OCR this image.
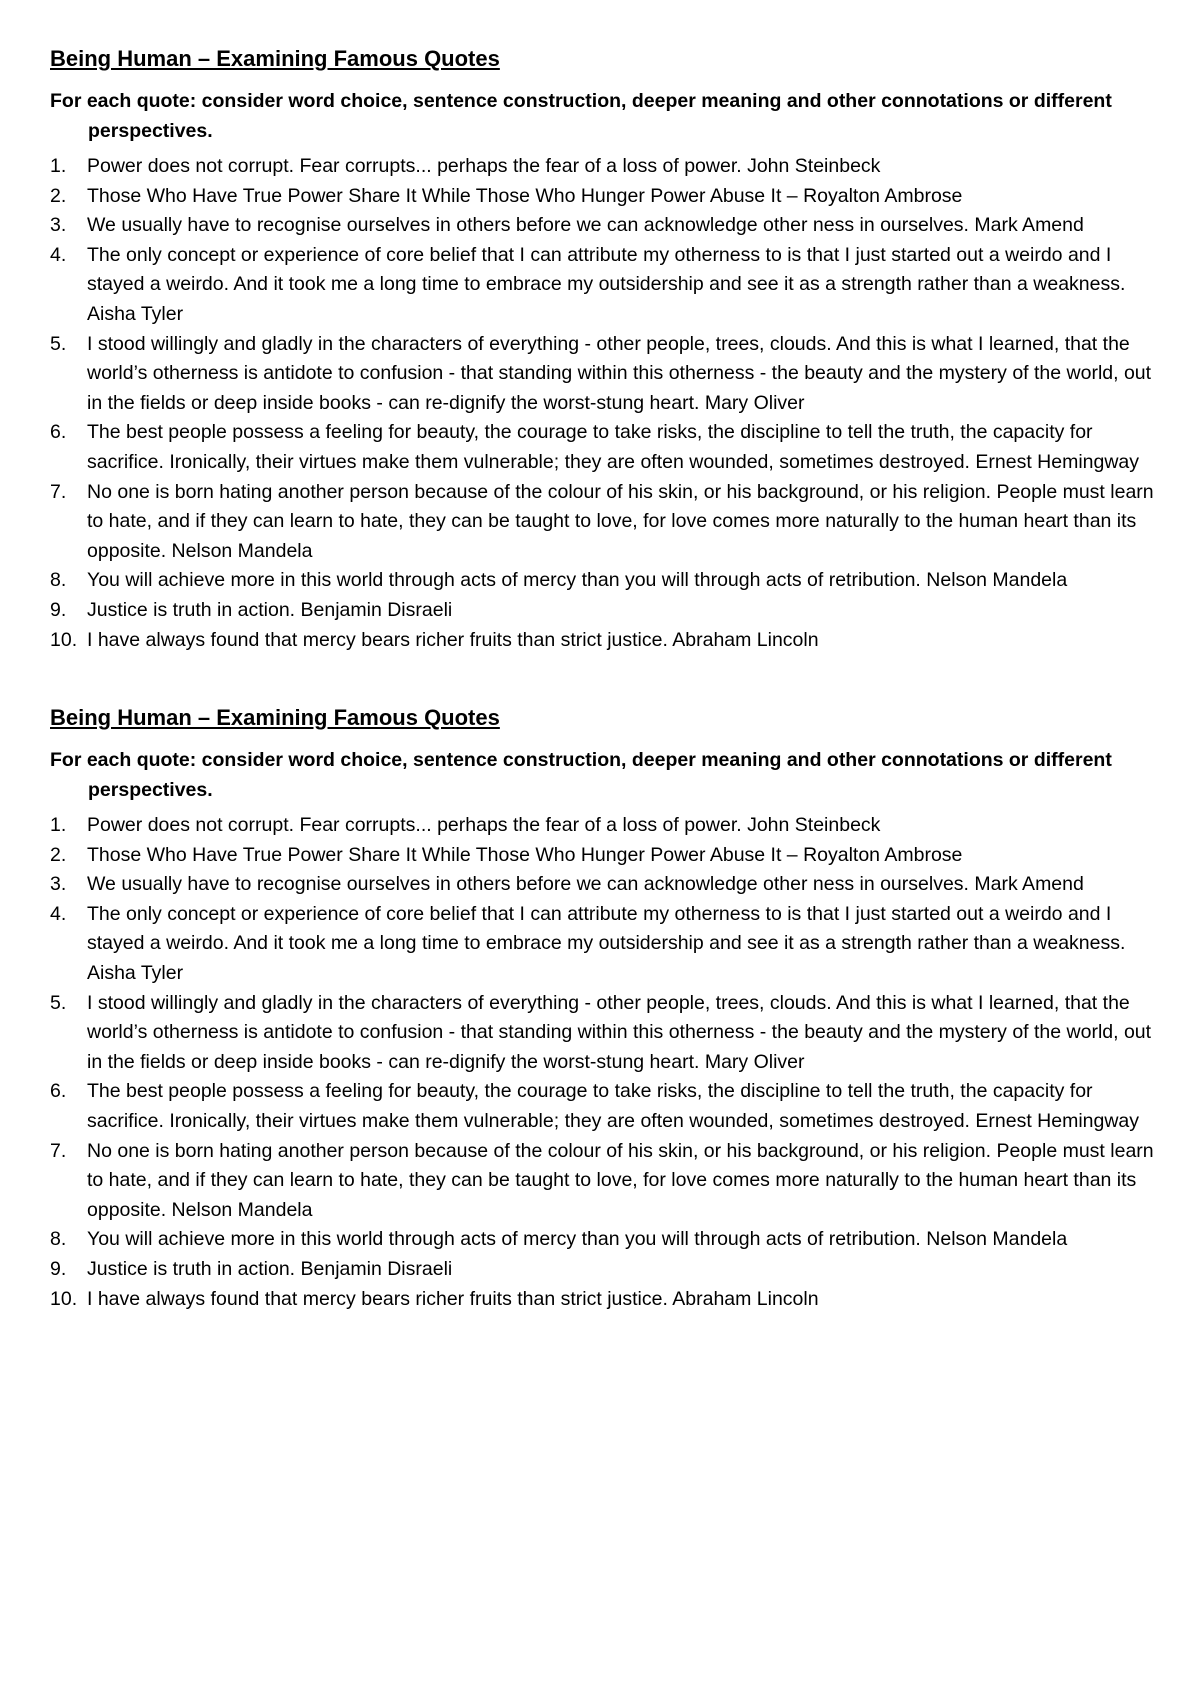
Being Human – Examining Famous Quotes
For each quote: consider word choice, sentence construction, deeper meaning and other connotations or different perspectives.
1.	Power does not corrupt. Fear corrupts... perhaps the fear of a loss of power. John Steinbeck
2.	Those Who Have True Power Share It While Those Who Hunger Power Abuse It – Royalton Ambrose
3.	We usually have to recognise ourselves in others before we can acknowledge other ness in ourselves. Mark Amend
4.	The only concept or experience of core belief that I can attribute my otherness to is that I just started out a weirdo and I stayed a weirdo. And it took me a long time to embrace my outsidership and see it as a strength rather than a weakness. Aisha Tyler
5.	I stood willingly and gladly in the characters of everything - other people, trees, clouds. And this is what I learned, that the world’s otherness is antidote to confusion - that standing within this otherness - the beauty and the mystery of the world, out in the fields or deep inside books - can re-dignify the worst-stung heart. Mary Oliver
6.	The best people possess a feeling for beauty, the courage to take risks, the discipline to tell the truth, the capacity for sacrifice. Ironically, their virtues make them vulnerable; they are often wounded, sometimes destroyed. Ernest Hemingway
7.	No one is born hating another person because of the colour of his skin, or his background, or his religion. People must learn to hate, and if they can learn to hate, they can be taught to love, for love comes more naturally to the human heart than its opposite. Nelson Mandela
8.	You will achieve more in this world through acts of mercy than you will through acts of retribution. Nelson Mandela
9.	Justice is truth in action. Benjamin Disraeli
10. I have always found that mercy bears richer fruits than strict justice. Abraham Lincoln
Being Human – Examining Famous Quotes
For each quote: consider word choice, sentence construction, deeper meaning and other connotations or different perspectives.
1.	Power does not corrupt. Fear corrupts... perhaps the fear of a loss of power. John Steinbeck
2.	Those Who Have True Power Share It While Those Who Hunger Power Abuse It – Royalton Ambrose
3.	We usually have to recognise ourselves in others before we can acknowledge other ness in ourselves. Mark Amend
4.	The only concept or experience of core belief that I can attribute my otherness to is that I just started out a weirdo and I stayed a weirdo. And it took me a long time to embrace my outsidership and see it as a strength rather than a weakness. Aisha Tyler
5.	I stood willingly and gladly in the characters of everything - other people, trees, clouds. And this is what I learned, that the world’s otherness is antidote to confusion - that standing within this otherness - the beauty and the mystery of the world, out in the fields or deep inside books - can re-dignify the worst-stung heart. Mary Oliver
6.	The best people possess a feeling for beauty, the courage to take risks, the discipline to tell the truth, the capacity for sacrifice. Ironically, their virtues make them vulnerable; they are often wounded, sometimes destroyed. Ernest Hemingway
7.	No one is born hating another person because of the colour of his skin, or his background, or his religion. People must learn to hate, and if they can learn to hate, they can be taught to love, for love comes more naturally to the human heart than its opposite. Nelson Mandela
8.	You will achieve more in this world through acts of mercy than you will through acts of retribution. Nelson Mandela
9.	Justice is truth in action. Benjamin Disraeli
10. I have always found that mercy bears richer fruits than strict justice. Abraham Lincoln
